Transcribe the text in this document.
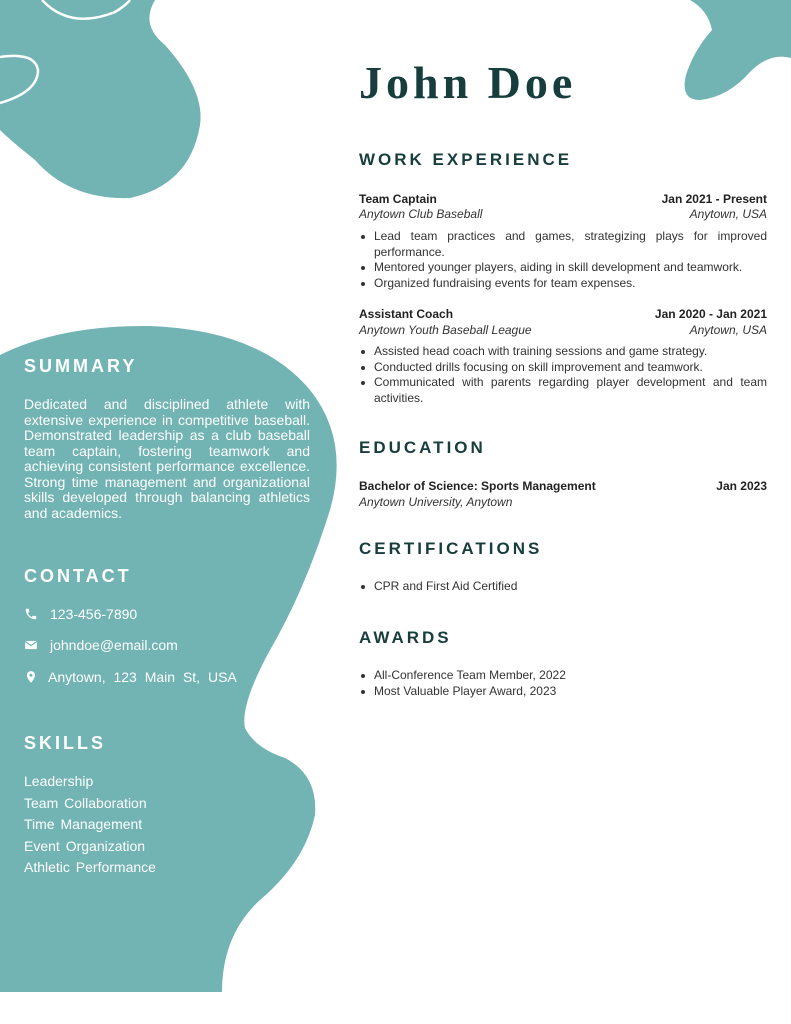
SUMMARY

Dedicated and disciplined athlete with extensive experience in competitive baseball. Demonstrated leadership as a club baseball team captain, fostering teamwork and achieving consistent performance excellence. Strong time management and organizational skills developed through balancing athletics and academics.

CONTACT
123-456-7890
johndoe@email.com
Anytown, 123 Main St, USA
SKILLS
Leadership
Team Collaboration
Time Management
Event Organization
Athletic Performance
John Doe
WORK EXPERIENCE
Team Captain	Jan 2021 - Present
Anytown Club Baseball	Anytown, USA
Lead team practices and games, strategizing plays for improved performance.
Mentored younger players, aiding in skill development and teamwork.
Organized fundraising events for team expenses.
Assistant Coach	Jan 2020 - Jan 2021
Anytown Youth Baseball League	Anytown, USA
Assisted head coach with training sessions and game strategy.
Conducted drills focusing on skill improvement and teamwork.
Communicated with parents regarding player development and team activities.
EDUCATION
Bachelor of Science: Sports Management	Jan 2023
Anytown University, Anytown
CERTIFICATIONS
CPR and First Aid Certified
AWARDS
All-Conference Team Member, 2022
Most Valuable Player Award, 2023
